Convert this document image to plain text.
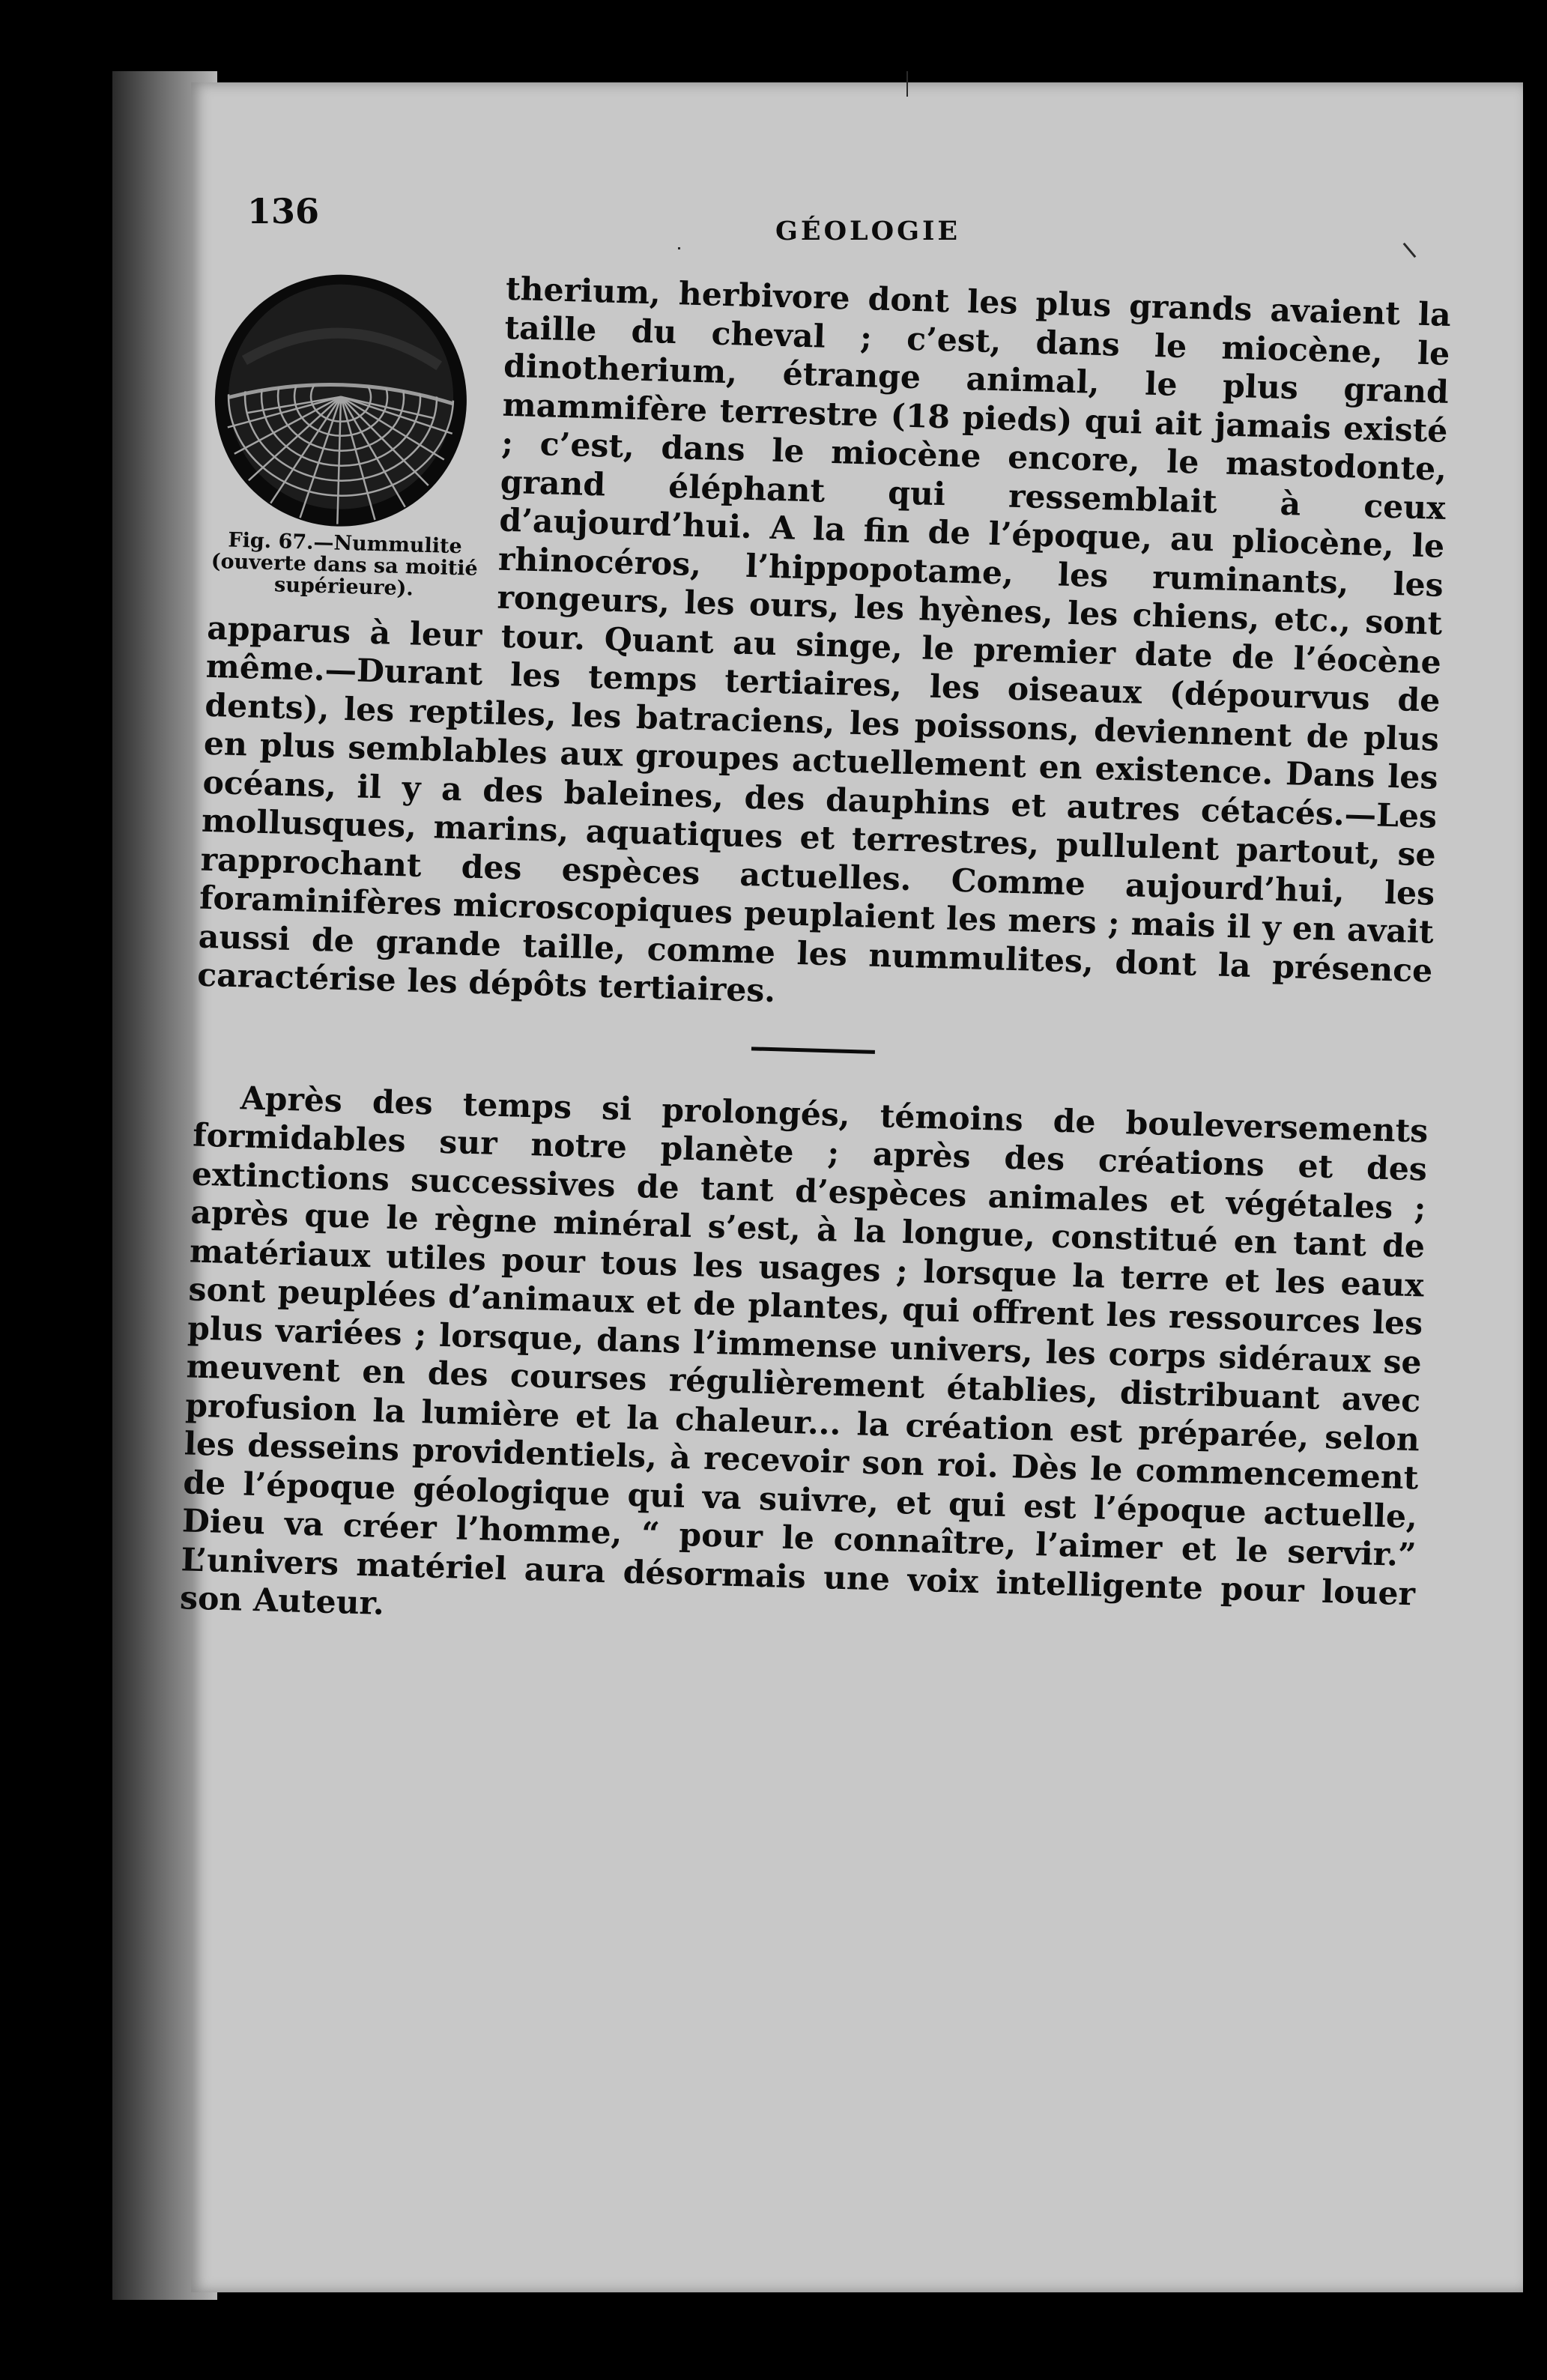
136	GÉOLOGIE

Fig. 67.—Nummulite (ouverte dans sa moitié supérieure).

therium, herbivore dont les plus grands avaient la taille du cheval ; c’est, dans le miocène, le dinotherium, étrange animal, le plus grand mammifère terrestre (18 pieds) qui ait jamais existé ; c’est, dans le miocène encore, le mastodonte, grand éléphant qui ressemblait à ceux d’aujourd’hui. A la fin de l’époque, au pliocène, le rhinocéros, l’hippopotame, les ruminants, les rongeurs, les ours, les hyènes, les chiens, etc., sont apparus à leur tour. Quant au singe, le premier date de l’éocène même.—Durant les temps tertiaires, les oiseaux (dépourvus de dents), les reptiles, les batraciens, les poissons, deviennent de plus en plus semblables aux groupes actuellement en existence. Dans les océans, il y a des baleines, des dauphins et autres cétacés.—Les mollusques, marins, aquatiques et terrestres, pullulent partout, se rapprochant des espèces actuelles. Comme aujourd’hui, les foraminifères microscopiques peuplaient les mers ; mais il y en avait aussi de grande taille, comme les nummulites, dont la présence caractérise les dépôts tertiaires.

Après des temps si prolongés, témoins de bouleversements formidables sur notre planète ; après des créations et des extinctions successives de tant d’espèces animales et végétales ; après que le règne minéral s’est, à la longue, constitué en tant de matériaux utiles pour tous les usages ; lorsque la terre et les eaux sont peuplées d’animaux et de plantes, qui offrent les ressources les plus variées ; lorsque, dans l’immense univers, les corps sidéraux se meuvent en des courses régulièrement établies, distribuant avec profusion la lumière et la chaleur... la création est préparée, selon les desseins providentiels, à recevoir son roi. Dès le commencement de l’époque géologique qui va suivre, et qui est l’époque actuelle, Dieu va créer l’homme, “ pour le connaître, l’aimer et le servir.” L’univers matériel aura désormais une voix intelligente pour louer son Auteur.
